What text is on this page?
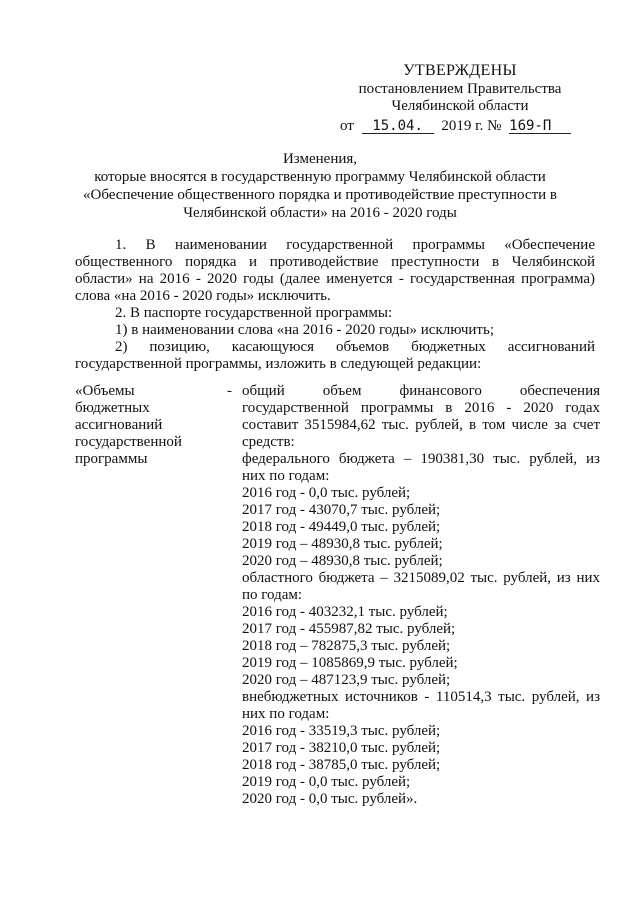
УТВЕРЖДЕНЫ
постановлением Правительства
Челябинской области
от 15.04. 2019 г. № 169-П
Изменения,
которые вносятся в государственную программу Челябинской области
«Обеспечение общественного порядка и противодействие преступности в
Челябинской области» на 2016 - 2020 годы
1. В наименовании государственной программы «Обеспечение
общественного порядка и противодействие преступности в Челябинской
области» на 2016 - 2020 годы (далее именуется - государственная программа)
слова «на 2016 - 2020 годы» исключить.
2. В паспорте государственной программы:
1) в наименовании слова «на 2016 - 2020 годы» исключить;
2) позицию, касающуюся объемов бюджетных ассигнований
государственной программы, изложить в следующей редакции:
«Объемы
бюджетных
ассигнований
государственной
программы
- общий объем финансового обеспечения
государственной программы в 2016 - 2020 годах
составит 3515984,62 тыс. рублей, в том числе за счет
средств:
федерального бюджета – 190381,30 тыс. рублей, из
них по годам:
2016 год - 0,0 тыс. рублей;
2017 год - 43070,7 тыс. рублей;
2018 год - 49449,0 тыс. рублей;
2019 год – 48930,8 тыс. рублей;
2020 год – 48930,8 тыс. рублей;
областного бюджета – 3215089,02 тыс. рублей, из них
по годам:
2016 год - 403232,1 тыс. рублей;
2017 год - 455987,82 тыс. рублей;
2018 год – 782875,3 тыс. рублей;
2019 год – 1085869,9 тыс. рублей;
2020 год – 487123,9 тыс. рублей;
внебюджетных источников - 110514,3 тыс. рублей, из
них по годам:
2016 год - 33519,3 тыс. рублей;
2017 год - 38210,0 тыс. рублей;
2018 год - 38785,0 тыс. рублей;
2019 год - 0,0 тыс. рублей;
2020 год - 0,0 тыс. рублей».
